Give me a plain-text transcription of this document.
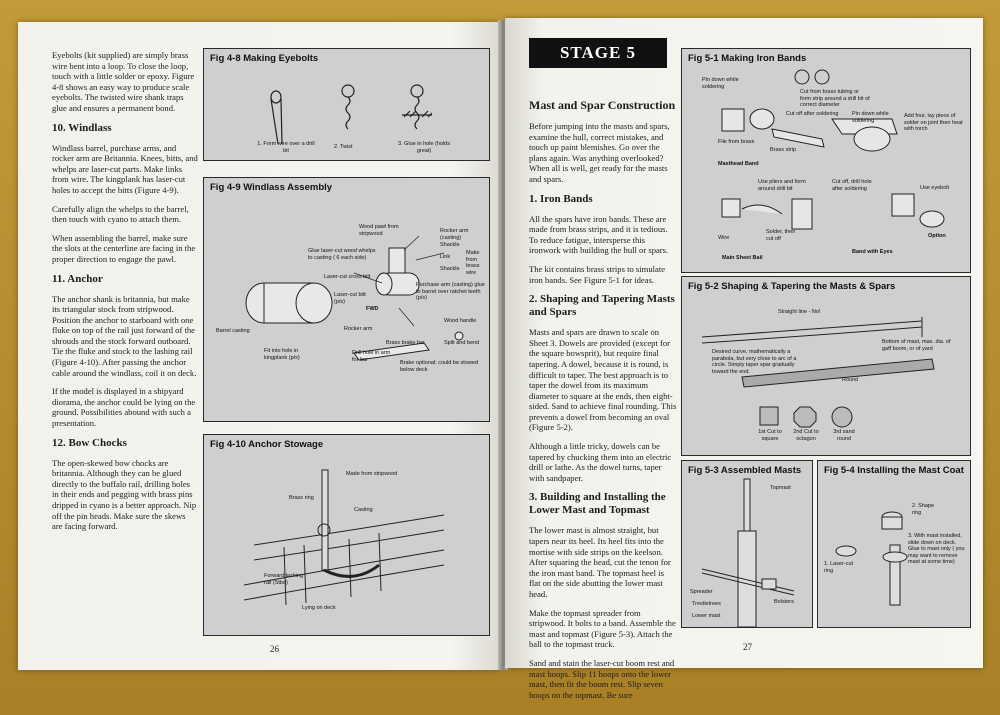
Eyebolts (kit supplied) are simply brass wire bent into a loop. To close the loop, touch with a little solder or epoxy. Figure 4-8 shows an easy way to produce scale eyebolts. The twisted wire shank traps glue and ensures a permanent bond.

10. Windlass

Windlass barrel, purchase arms, and rocker arm are Britannia. Knees, bitts, and whelps are laser-cut parts. Make links from wire. The kingplank has laser-cut holes to accept the bitts (Figure 4-9).

Carefully align the whelps to the barrel, then touch with cyano to attach them.

When assembling the barrel, make sure the slots at the centerline are facing in the proper direction to engage the pawl.

11. Anchor

The anchor shank is britannia, but make its triangular stock from stripwood. Position the anchor to starboard with one fluke on top of the rail just forward of the shrouds and the stock forward outboard. Tie the fluke and stock to the lashing rail (Figure 4-10). After passing the anchor cable around the windlass, coil it on deck.

If the model is displayed in a shipyard diorama, the anchor could be lying on the ground. Possibilities abound with such a presentation.

12. Bow Chocks

The open-skewed bow chocks are britannia. Although they can be glued directly to the buffalo rail, drilling holes in their ends and pegging with brass pins dripped in cyano is a better approach. Nip off the pin heads. Make sure the skews are facing forward.

Fig 4-8 Making Eyebolts
1. Form wire over a drill bit
2. Twist	3. Glue in hole (holds great)
Fig 4-9 Windlass Assembly
Wood pawl from stripwood	Rocker arm (casting)
Glue laser-cut wood whelps to casting ( 6 each side)
Shackle
Link
Shackle
Make from brass wire
Laser-cut cross bitt
Purchase arm (casting) glue to barrel over ratchet teeth (p/s)
Laser-cut bitt (p/s)
FWD
Wood handle
Barrel casting	Rocker arm
Split and bend
Brass brake bar
Drill hole in arm for bar
Fit into hole in kingplank (p/s)
Brake optional; could be stowed below deck
Fig 4-10 Anchor Stowage
Made from stripwood
Brass ring
Casting
Forward lashing rail (Stbd)
Lying on deck
26
STAGE 5
Mast and Spar Construction

Before jumping into the masts and spars, examine the hull, correct mistakes, and touch up paint blemishes. Go over the plans again. Was anything overlooked? When all is well, get ready for the masts and spars.

1. Iron Bands

All the spars have iron bands. These are made from brass strips, and it is tedious. To reduce fatigue, intersperse this ironwork with building the hull or spars.

The kit contains brass strips to simulate iron bands. See Figure 5-1 for ideas.

2. Shaping and Tapering Masts and Spars

Masts and spars are drawn to scale on Sheet 3. Dowels are provided (except for the square bowsprit), but require final tapering. A dowel, because it is round, is difficult to taper. The best approach is to taper the dowel from its maximum diameter to square at the ends, then eight-sided. Sand to achieve final rounding. This prevents a dowel from becoming an oval (Figure 5-2).

Although a little tricky, dowels can be tapered by chucking them into an electric drill or lathe. As the dowel turns, taper with sandpaper.

3. Building and Installing the Lower Mast and Topmast

The lower mast is almost straight, but tapers near its heel. Its heel fits into the mortise with side strips on the keelson. After squaring the head, cut the tenon for the iron mast band. The topmast heel is flat on the side abutting the lower mast head.

Make the topmast spreader from stripwood. It bolts to a band. Assemble the mast and topmast (Figure 5-3). Attach the ball to the topmast truck.

Sand and stain the laser-cut boom rest and mast hoops. Slip 11 hoops onto the lower mast, then fit the boom rest. Slip seven hoops on the topmast. Be sure

Fig 5-1 Making Iron Bands
Pin down while soldering
Cut from brass tubing or form strip around a drill bit of correct diameter
Cut off after soldering
Brass strip
Pin down while soldering
Add four, lay piece of solder on joint then heat with torch
File from brass
Masthead Band
Use pliers and form around drill bit
Cut off, drill hole after soldering	Use eyebolt
Wire
Solder, then cut off	Option
Main Sheet Bail
Band with Eyes
Fig 5-2 Shaping & Tapering the Masts & Spars
Straight line - No!
Desired curve, mathematically a parabola, but very close to arc of a circle. Simply taper spar gradually toward the end.
Bottom of mast, max. dia. of gaff boom, or of yard
Round
1st Cut to square
2nd Cut to octagon
3rd sand round
Fig 5-3 Assembled Masts
Topmast
Spreader
Trestletrees	Bolsters
Lower mast
Fig 5-4 Installing the Mast Coat
1. Laser-cut ring
2. Shape ring
3. With mast installed, slide down on deck. Glue to mast only ( you may want to remove mast at some time)
27
